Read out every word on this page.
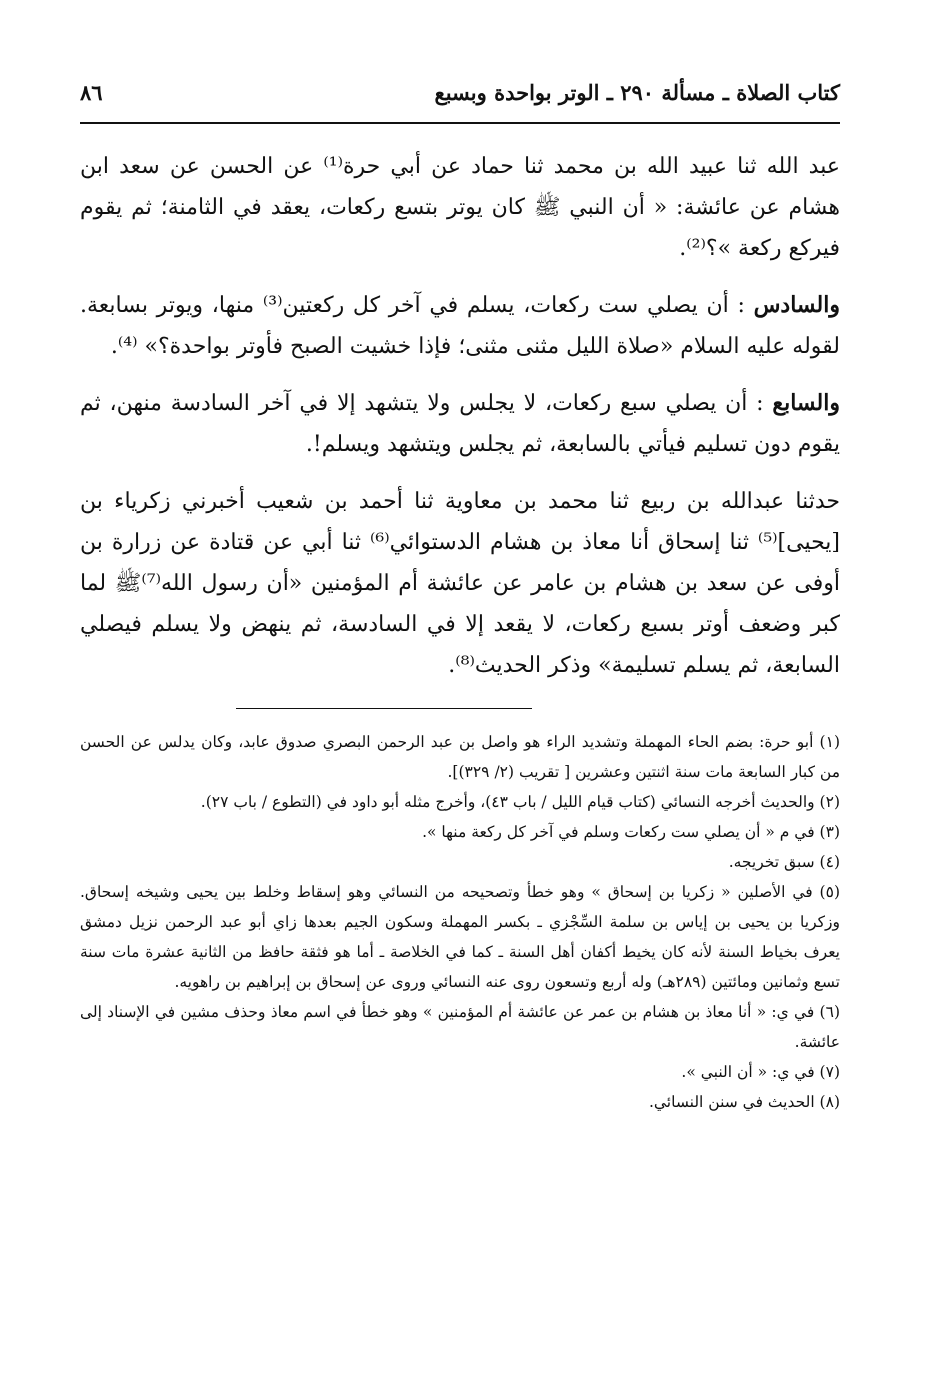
كتاب الصلاة ـ مسألة ٢٩٠ ـ الوتر بواحدة وبسبع
٨٦

عبد الله ثنا عبيد الله بن محمد ثنا حماد عن أبي حرة⁽¹⁾ عن الحسن عن سعد ابن هشام عن عائشة: « أن النبي ﷺ كان يوتر بتسع ركعات، يعقد في الثامنة؛ ثم يقوم فيركع ركعة »؟⁽²⁾.

والسادس : أن يصلي ست ركعات، يسلم في آخر كل ركعتين⁽³⁾ منها، ويوتر بسابعة. لقوله عليه السلام «صلاة الليل مثنى مثنى؛ فإذا خشيت الصبح فأوتر بواحدة؟» ⁽⁴⁾.

والسابع : أن يصلي سبع ركعات، لا يجلس ولا يتشهد إلا في آخر السادسة منهن، ثم يقوم دون تسليم فيأتي بالسابعة، ثم يجلس ويتشهد ويسلم!.

حدثنا عبدالله بن ربيع ثنا محمد بن معاوية ثنا أحمد بن شعيب أخبرني زكرياء بن [يحيى]⁽⁵⁾ ثنا إسحاق أنا معاذ بن هشام الدستوائي⁽⁶⁾ ثنا أبي عن قتادة عن زرارة بن أوفى عن سعد بن هشام بن عامر عن عائشة أم المؤمنين «أن رسول الله⁽⁷⁾ﷺ لما كبر وضعف أوتر بسبع ركعات، لا يقعد إلا في السادسة، ثم ينهض ولا يسلم فيصلي السابعة، ثم يسلم تسليمة» وذكر الحديث⁽⁸⁾.

(١) أبو حرة: بضم الحاء المهملة وتشديد الراء هو واصل بن عبد الرحمن البصري صدوق عابد، وكان يدلس عن الحسن من كبار السابعة مات سنة اثنتين وعشرين [ تقريب (٢/ ٣٢٩)].
(٢) والحديث أخرجه النسائي (كتاب قيام الليل / باب ٤٣)، وأخرج مثله أبو داود في (التطوع / باب ٢٧).
(٣) في م « أن يصلي ست ركعات وسلم في آخر كل ركعة منها ».
(٤) سبق تخريجه.
(٥) في الأصلين « زكريا بن إسحاق » وهو خطأ وتصحيحه من النسائي وهو إسقاط وخلط بين يحيى وشيخه إسحاق. وزكريا بن يحيى بن إياس بن سلمة السِّجْزي ـ بكسر المهملة وسكون الجيم بعدها زاي أبو عبد الرحمن نزيل دمشق يعرف بخياط السنة لأنه كان يخيط أكفان أهل السنة ـ كما في الخلاصة ـ أما هو فثقة حافظ من الثانية عشرة مات سنة تسع وثمانين ومائتين (٢٨٩هـ) وله أربع وتسعون روى عنه النسائي وروى عن إسحاق بن إبراهيم بن راهويه.
(٦) في ي: « أنا معاذ بن هشام بن عمر عن عائشة أم المؤمنين » وهو خطأ في اسم معاذ وحذف مشين في الإسناد إلى عائشة.
(٧) في ي: « أن النبي ».
(٨) الحديث في سنن النسائي.
